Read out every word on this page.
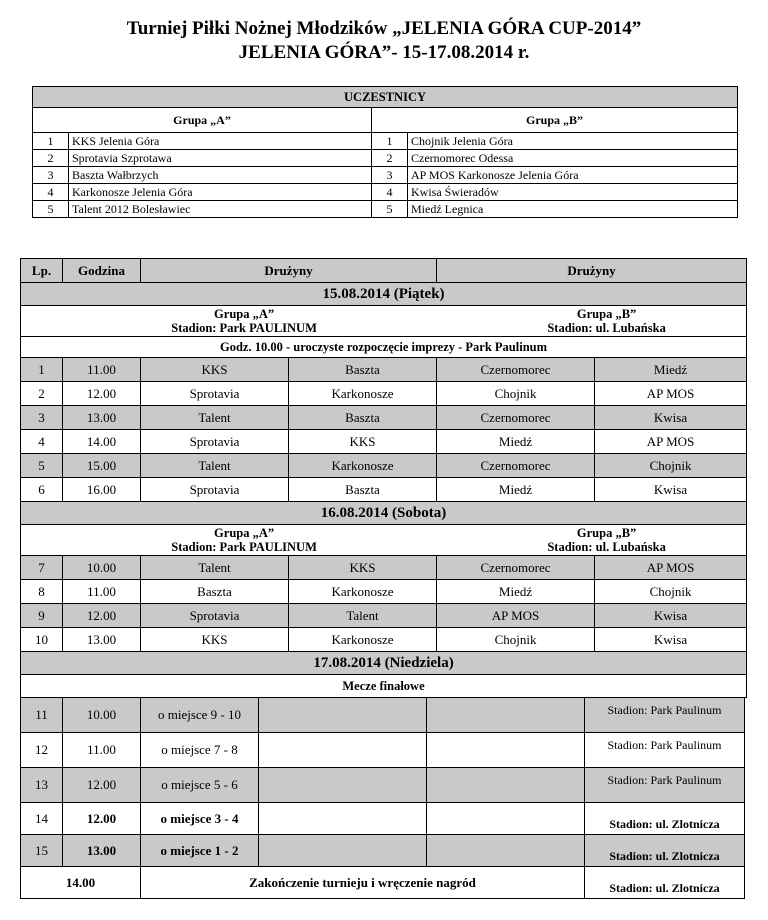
Turniej Piłki Nożnej Młodzików „JELENIA GÓRA CUP-2014”
JELENIA GÓRA”- 15-17.08.2014 r.
UCZESTNICY			
Grupa „A”		Grupa „B”	
1	KKS Jelenia Góra	1	Chojnik Jelenia Góra
2	Sprotavia Szprotawa	2	Czernomorec Odessa
3	Baszta Wałbrzych	3	AP MOS Karkonosze Jelenia Góra
4	Karkonosze Jelenia Góra	4	Kwisa Świeradów
5	Talent 2012 Bolesławiec	5	Miedź Legnica
Lp.	Godzina	Drużyny		Drużyny	
15.08.2014 (Piątek)					

Grupa „A”
Stadion: Park PAULINUM
Grupa „B”
Stadion: ul. Lubańska					

Godz. 10.00 - uroczyste rozpoczęcie imprezy - Park Paulinum					
1	11.00	KKS	Baszta	Czernomorec	Miedź
2	12.00	Sprotavia	Karkonosze	Chojnik	AP MOS
3	13.00	Talent	Baszta	Czernomorec	Kwisa
4	14.00	Sprotavia	KKS	Miedź	AP MOS
5	15.00	Talent	Karkonosze	Czernomorec	Chojnik
6	16.00	Sprotavia	Baszta	Miedź	Kwisa
16.08.2014 (Sobota)					

Grupa „A”
Stadion: Park PAULINUM
Grupa „B”
Stadion: ul. Lubańska					

7	10.00	Talent	KKS	Czernomorec	AP MOS
8	11.00	Baszta	Karkonosze	Miedź	Chojnik
9	12.00	Sprotavia	Talent	AP MOS	Kwisa
10	13.00	KKS	Karkonosze	Chojnik	Kwisa
17.08.2014 (Niedziela)					
Mecze finałowe					
11	10.00	o miejsce 9 - 10			Stadion: Park Paulinum
12	11.00	o miejsce 7 - 8			Stadion: Park Paulinum
13	12.00	o miejsce 5 - 6			Stadion: Park Paulinum
14	12.00	o miejsce 3 - 4			Stadion: ul. Zlotnicza
15	13.00	o miejsce 1 - 2			Stadion: ul. Zlotnicza
14.00		Zakończenie turnieju i wręczenie nagród			Stadion: ul. Zlotnicza
